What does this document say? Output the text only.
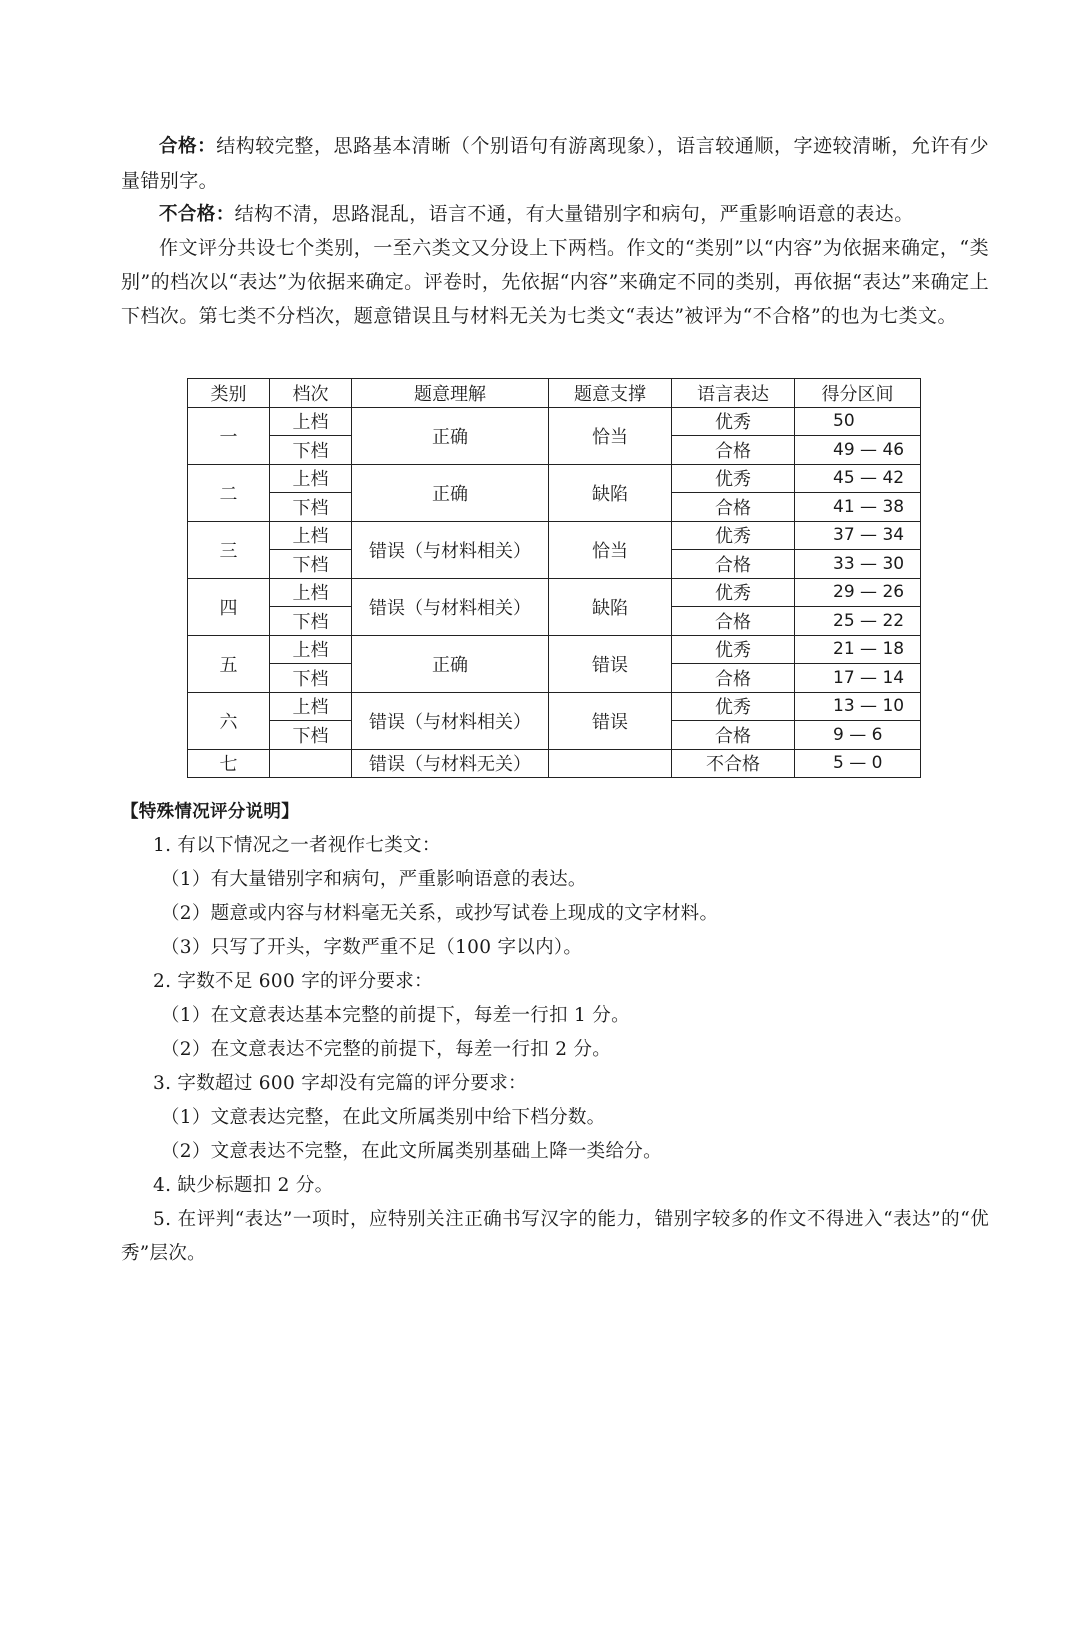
合格：结构较完整，思路基本清晰（个别语句有游离现象），语言较通顺，字迹较清晰，允许有少量错别字。

不合格：结构不清，思路混乱，语言不通，有大量错别字和病句，严重影响语意的表达。

作文评分共设七个类别，一至六类文又分设上下两档。作文的“类别”以“内容”为依据来确定，“类别”的档次以“表达”为依据来确定。评卷时，先依据“内容”来确定不同的类别，再依据“表达”来确定上下档次。第七类不分档次，题意错误且与材料无关为七类文“表达”被评为“不合格”的也为七类文。

类别	档次	题意理解	题意支撑	语言表达	得分区间
一	上档	正确	恰当	优秀	50
	下档			合格	49 — 46
二	上档	正确	缺陷	优秀	45 — 42
	下档			合格	41 — 38
三	上档	错误（与材料相关）	恰当	优秀	37 — 34
	下档			合格	33 — 30
四	上档	错误（与材料相关）	缺陷	优秀	29 — 26
	下档			合格	25 — 22
五	上档	正确	错误	优秀	21 — 18
	下档			合格	17 — 14
六	上档	错误（与材料相关）	错误	优秀	13 — 10
	下档			合格	9 — 6
七		错误（与材料无关）		不合格	5 — 0

【特殊情况评分说明】

1. 有以下情况之一者视作七类文：

（1）有大量错别字和病句，严重影响语意的表达。

（2）题意或内容与材料毫无关系，或抄写试卷上现成的文字材料。

（3）只写了开头，字数严重不足（100 字以内）。

2. 字数不足 600 字的评分要求：

（1）在文意表达基本完整的前提下，每差一行扣 1 分。

（2）在文意表达不完整的前提下，每差一行扣 2 分。

3. 字数超过 600 字却没有完篇的评分要求：

（1）文意表达完整，在此文所属类别中给下档分数。

（2）文意表达不完整，在此文所属类别基础上降一类给分。

4. 缺少标题扣 2 分。

5. 在评判“表达”一项时，应特别关注正确书写汉字的能力，错别字较多的作文不得进入“表达”的“优秀”层次。
